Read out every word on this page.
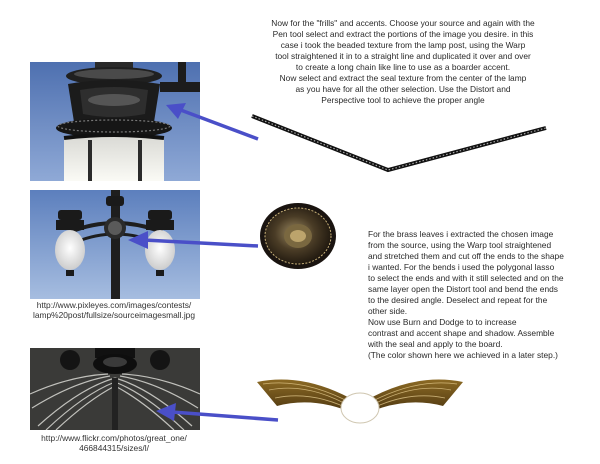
http://www.pixleyes.com/images/contests/
lamp%20post/fullsize/sourceimagesmall.jpg
http://www.flickr.com/photos/great_one/
466844315/sizes/l/
Now for the "frills" and accents. Choose your source and again with the
Pen tool select and extract the portions of the image you desire. in this
case i took the beaded texture from the lamp post, using the Warp
tool straightened it in to a straight line and duplicated it over and over
to create a long chain like line to use as a boarder accent.
Now select and extract the seal texture from the center of the lamp
as you have for all the other selection. Use the Distort and
Perspective tool to achieve the proper angle
For the brass leaves i extracted the chosen image
from the source, using the Warp tool straightened
and stretched them and cut off the ends to the shape
i wanted. For the bends i used the polygonal lasso
to select the ends and with it still selected and on the
same layer open the Distort tool and bend the ends
to the desired angle. Deselect and repeat for the
other side.
Now use Burn and Dodge to to increase
contrast and accent shape and shadow. Assemble
with the seal and apply to the board.
(The color shown here we achieved in a later step.)
